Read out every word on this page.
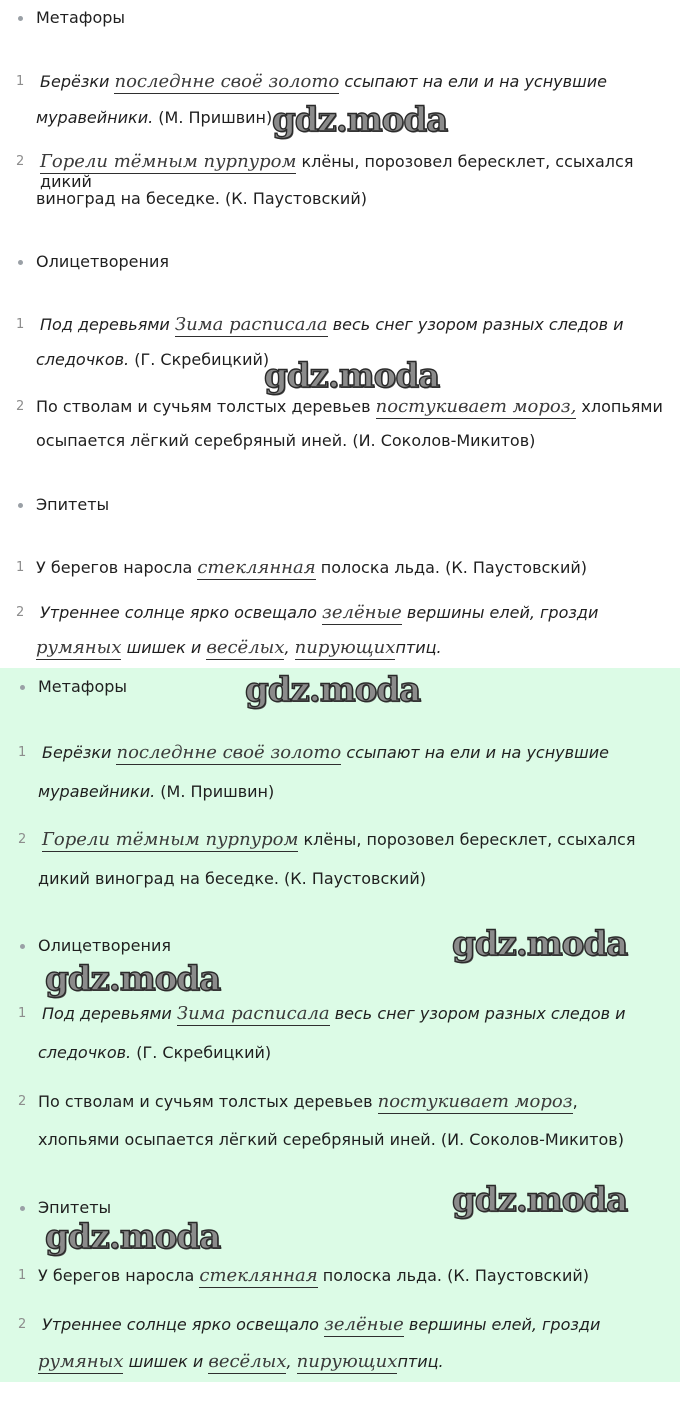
Метафоры
1 Берёзки последнне своё золото ссыпают на ели и на уснувшие
муравейники. (М. Пришвин)
2 Горели тёмным пурпуром клёны, порозовел бересклет, ссыхался дикий
виноград на беседке. (К. Паустовский)
Олицетворения
1 Под деревьями Зима расписала весь снег узором разных следов и
следочков. (Г. Скребицкий)
2 По стволам и сучьям толстых деревьев постукивает мороз, хлопьями
осыпается лёгкий серебряный иней. (И. Соколов-Микитов)
Эпитеты
1 У берегов наросла стеклянная полоска льда. (К. Паустовский)
2 Утреннее солнце ярко освещало зелёные вершины елей, грозди
румяных шишек и весёлых, пирующихптиц.
gdz.moda
gdz.moda
Метафоры
1 Берёзки последнне своё золото ссыпают на ели и на уснувшие
муравейники. (М. Пришвин)
2 Горели тёмным пурпуром клёны, порозовел бересклет, ссыхался
дикий виноград на беседке. (К. Паустовский)
Олицетворения
1 Под деревьями Зима расписала весь снег узором разных следов и
следочков. (Г. Скребицкий)
2 По стволам и сучьям толстых деревьев постукивает мороз,
хлопьями осыпается лёгкий серебряный иней. (И. Соколов-Микитов)
Эпитеты
1 У берегов наросла стеклянная полоска льда. (К. Паустовский)
2 Утреннее солнце ярко освещало зелёные вершины елей, грозди
румяных шишек и весёлых, пирующихптиц.
gdz.moda
gdz.moda
gdz.moda
gdz.moda
gdz.moda
